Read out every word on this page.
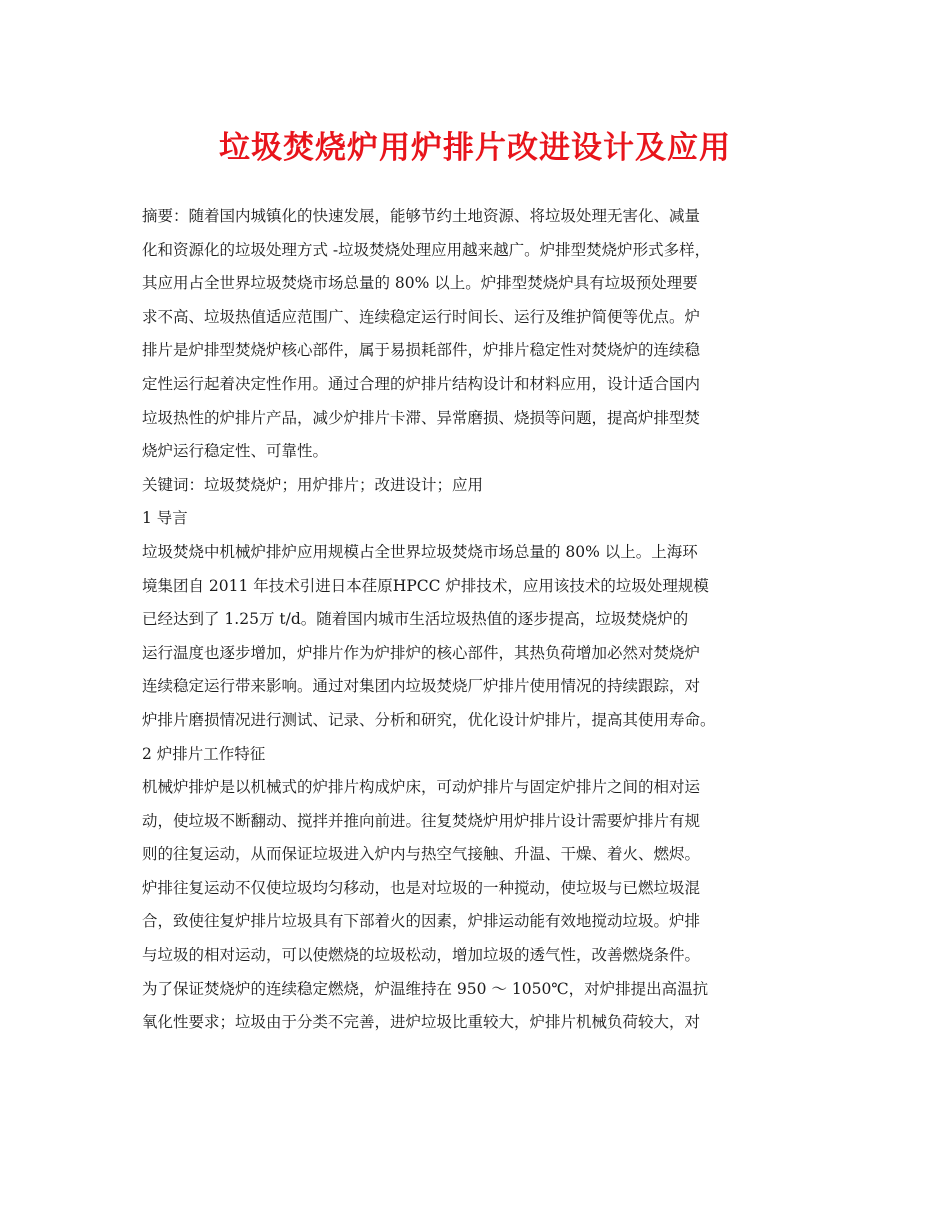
垃圾焚烧炉用炉排片改进设计及应用
摘要：随着国内城镇化的快速发展，能够节约土地资源、将垃圾处理无害化、减量
化和资源化的垃圾处理方式 -垃圾焚烧处理应用越来越广。炉排型焚烧炉形式多样，
其应用占全世界垃圾焚烧市场总量的 80% 以上。炉排型焚烧炉具有垃圾预处理要
求不高、垃圾热值适应范围广、连续稳定运行时间长、运行及维护简便等优点。炉
排片是炉排型焚烧炉核心部件，属于易损耗部件，炉排片稳定性对焚烧炉的连续稳
定性运行起着决定性作用。通过合理的炉排片结构设计和材料应用，设计适合国内
垃圾热性的炉排片产品，减少炉排片卡滞、异常磨损、烧损等问题，提高炉排型焚
烧炉运行稳定性、可靠性。
关键词：垃圾焚烧炉；用炉排片；改进设计；应用
1 导言
垃圾焚烧中机械炉排炉应用规模占全世界垃圾焚烧市场总量的 80% 以上。上海环
境集团自 2011 年技术引进日本荏原HPCC 炉排技术，应用该技术的垃圾处理规模
已经达到了 1.25万 t/d。随着国内城市生活垃圾热值的逐步提高，垃圾焚烧炉的
运行温度也逐步增加，炉排片作为炉排炉的核心部件，其热负荷增加必然对焚烧炉
连续稳定运行带来影响。通过对集团内垃圾焚烧厂炉排片使用情况的持续跟踪，对
炉排片磨损情况进行测试、记录、分析和研究，优化设计炉排片，提高其使用寿命。
2 炉排片工作特征
机械炉排炉是以机械式的炉排片构成炉床，可动炉排片与固定炉排片之间的相对运
动，使垃圾不断翻动、搅拌并推向前进。往复焚烧炉用炉排片设计需要炉排片有规
则的往复运动，从而保证垃圾进入炉内与热空气接触、升温、干燥、着火、燃烬。
炉排往复运动不仅使垃圾均匀移动，也是对垃圾的一种搅动，使垃圾与已燃垃圾混
合，致使往复炉排片垃圾具有下部着火的因素，炉排运动能有效地搅动垃圾。炉排
与垃圾的相对运动，可以使燃烧的垃圾松动，增加垃圾的透气性，改善燃烧条件。
为了保证焚烧炉的连续稳定燃烧，炉温维持在 950 ～ 1050℃，对炉排提出高温抗
氧化性要求；垃圾由于分类不完善，进炉垃圾比重较大，炉排片机械负荷较大，对
